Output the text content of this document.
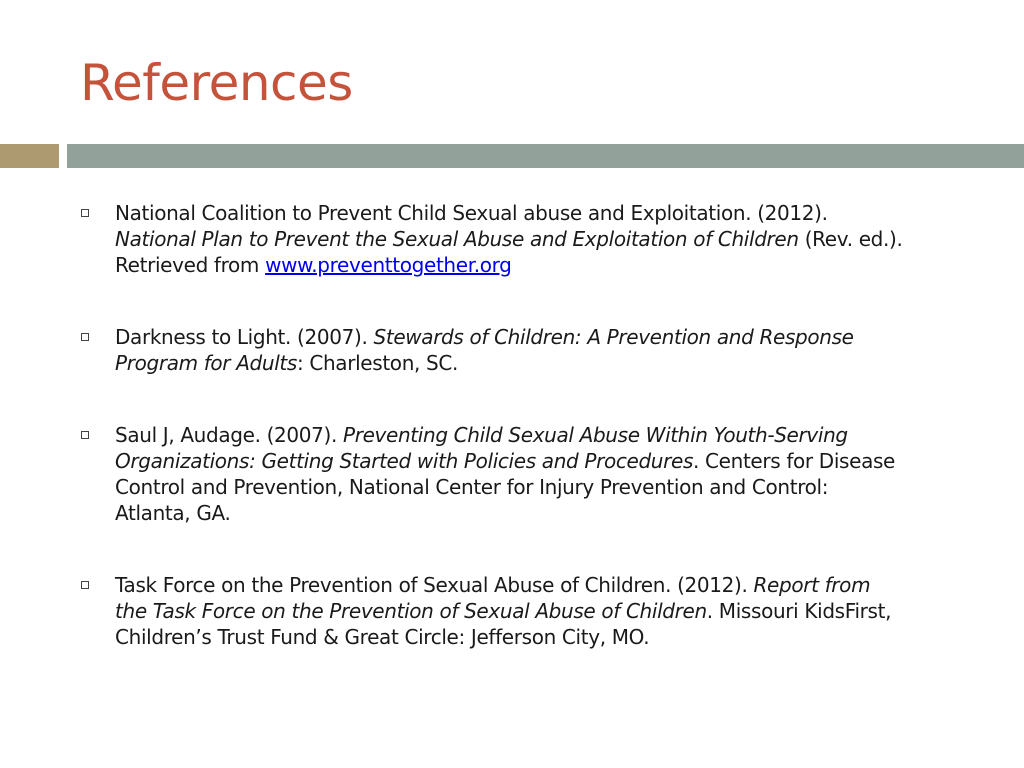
References
National Coalition to Prevent Child Sexual abuse and Exploitation. (2012).
National Plan to Prevent the Sexual Abuse and Exploitation of Children (Rev. ed.).
Retrieved from www.preventtogether.org
Darkness to Light. (2007). Stewards of Children: A Prevention and Response
Program for Adults: Charleston, SC.
Saul J, Audage. (2007). Preventing Child Sexual Abuse Within Youth-Serving
Organizations: Getting Started with Policies and Procedures. Centers for Disease
Control and Prevention, National Center for Injury Prevention and Control:
Atlanta, GA.
Task Force on the Prevention of Sexual Abuse of Children. (2012). Report from
the Task Force on the Prevention of Sexual Abuse of Children. Missouri KidsFirst,
Children’s Trust Fund & Great Circle: Jefferson City, MO.
